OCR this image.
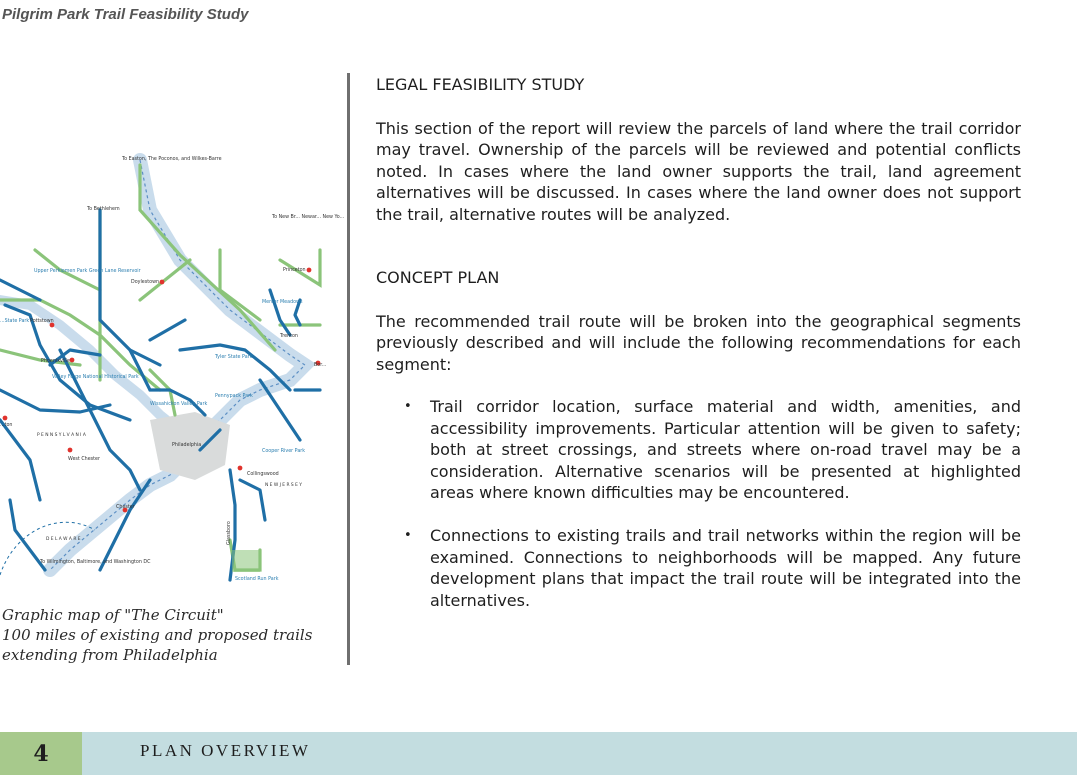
Pilgrim Park Trail Feasibility Study
To Easton, The Poconos, and Wilkes-Barre
To Bethlehem
To New Br... Newar... New Yo...
Upper Perkiomen Park Green Lane Reservoir
Doylestown
Princeton
Mercer Meadows
...State Park Pottstown
Trenton
Phoenixville
Valley Forge National Historical Park
Tyler State Park
Pennypack Park
Wissahickon Valley Park
P E N N S Y L V A N I A
Philadelphia
West Chester
Cooper River Park
Collingswood
N E W J E R S E Y
Chester
D E L A W A R E	Glassboro
To Wilmington, Baltimore, and Washington DC
Scotland Run Park
Bor...
...ton
Graphic map of "The Circuit"
100 miles of existing and proposed trails
extending from Philadelphia
LEGAL FEASIBILITY STUDY

This section of the report will review the parcels of land where the trail corridor may travel. Ownership of the parcels will be reviewed and potential conflicts noted. In cases where the land owner supports the trail, land agreement alternatives will be discussed. In cases where the land owner does not support the trail, alternative routes will be analyzed.

CONCEPT PLAN

The recommended trail route will be broken into the geographical segments previously described and will include the following recommendations for each segment:

• Trail corridor location, surface material and width, amenities, and accessibility improvements. Particular attention will be given to safety; both at street crossings, and streets where on-road travel may be a consideration. Alternative scenarios will be presented at highlighted areas where known difficulties may be encountered.
• Connections to existing trails and trail networks within the region will be examined. Connections to neighborhoods will be mapped. Any future development plans that impact the trail route will be integrated into the alternatives.
4	PLAN OVERVIEW
